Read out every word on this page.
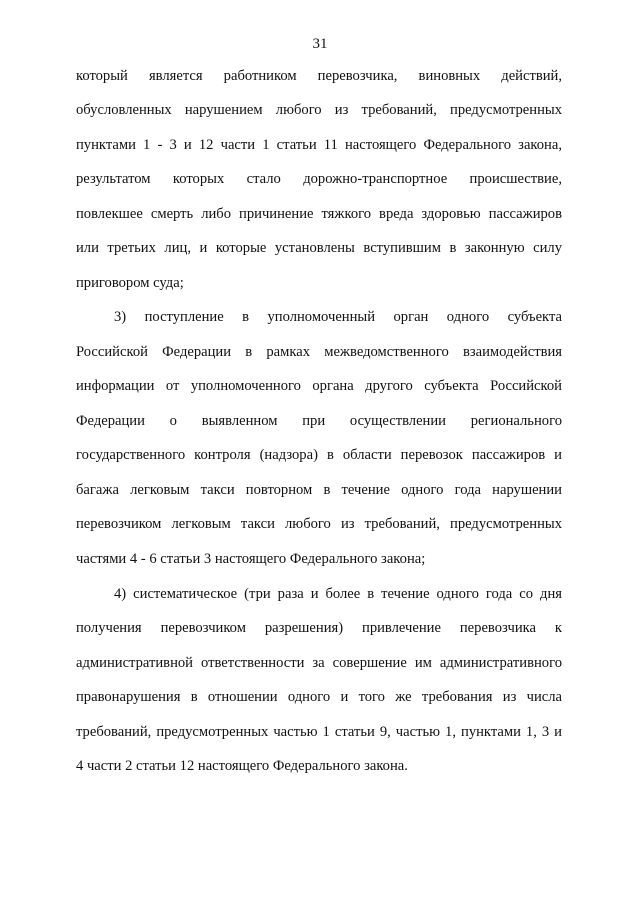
31
который является работником перевозчика, виновных действий,
обусловленных нарушением любого из требований, предусмотренных
пунктами 1 - 3 и 12 части 1 статьи 11 настоящего Федерального закона,
результатом которых стало дорожно-транспортное происшествие,
повлекшее смерть либо причинение тяжкого вреда здоровью пассажиров
или третьих лиц, и которые установлены вступившим в законную силу
приговором суда;
3) поступление в уполномоченный орган одного субъекта
Российской Федерации в рамках межведомственного взаимодействия
информации от уполномоченного органа другого субъекта Российской
Федерации о выявленном при осуществлении регионального
государственного контроля (надзора) в области перевозок пассажиров и
багажа легковым такси повторном в течение одного года нарушении
перевозчиком легковым такси любого из требований, предусмотренных
частями 4 - 6 статьи 3 настоящего Федерального закона;
4) систематическое (три раза и более в течение одного года со дня
получения перевозчиком разрешения) привлечение перевозчика к
административной ответственности за совершение им административного
правонарушения в отношении одного и того же требования из числа
требований, предусмотренных частью 1 статьи 9, частью 1, пунктами 1, 3 и
4 части 2 статьи 12 настоящего Федерального закона.
